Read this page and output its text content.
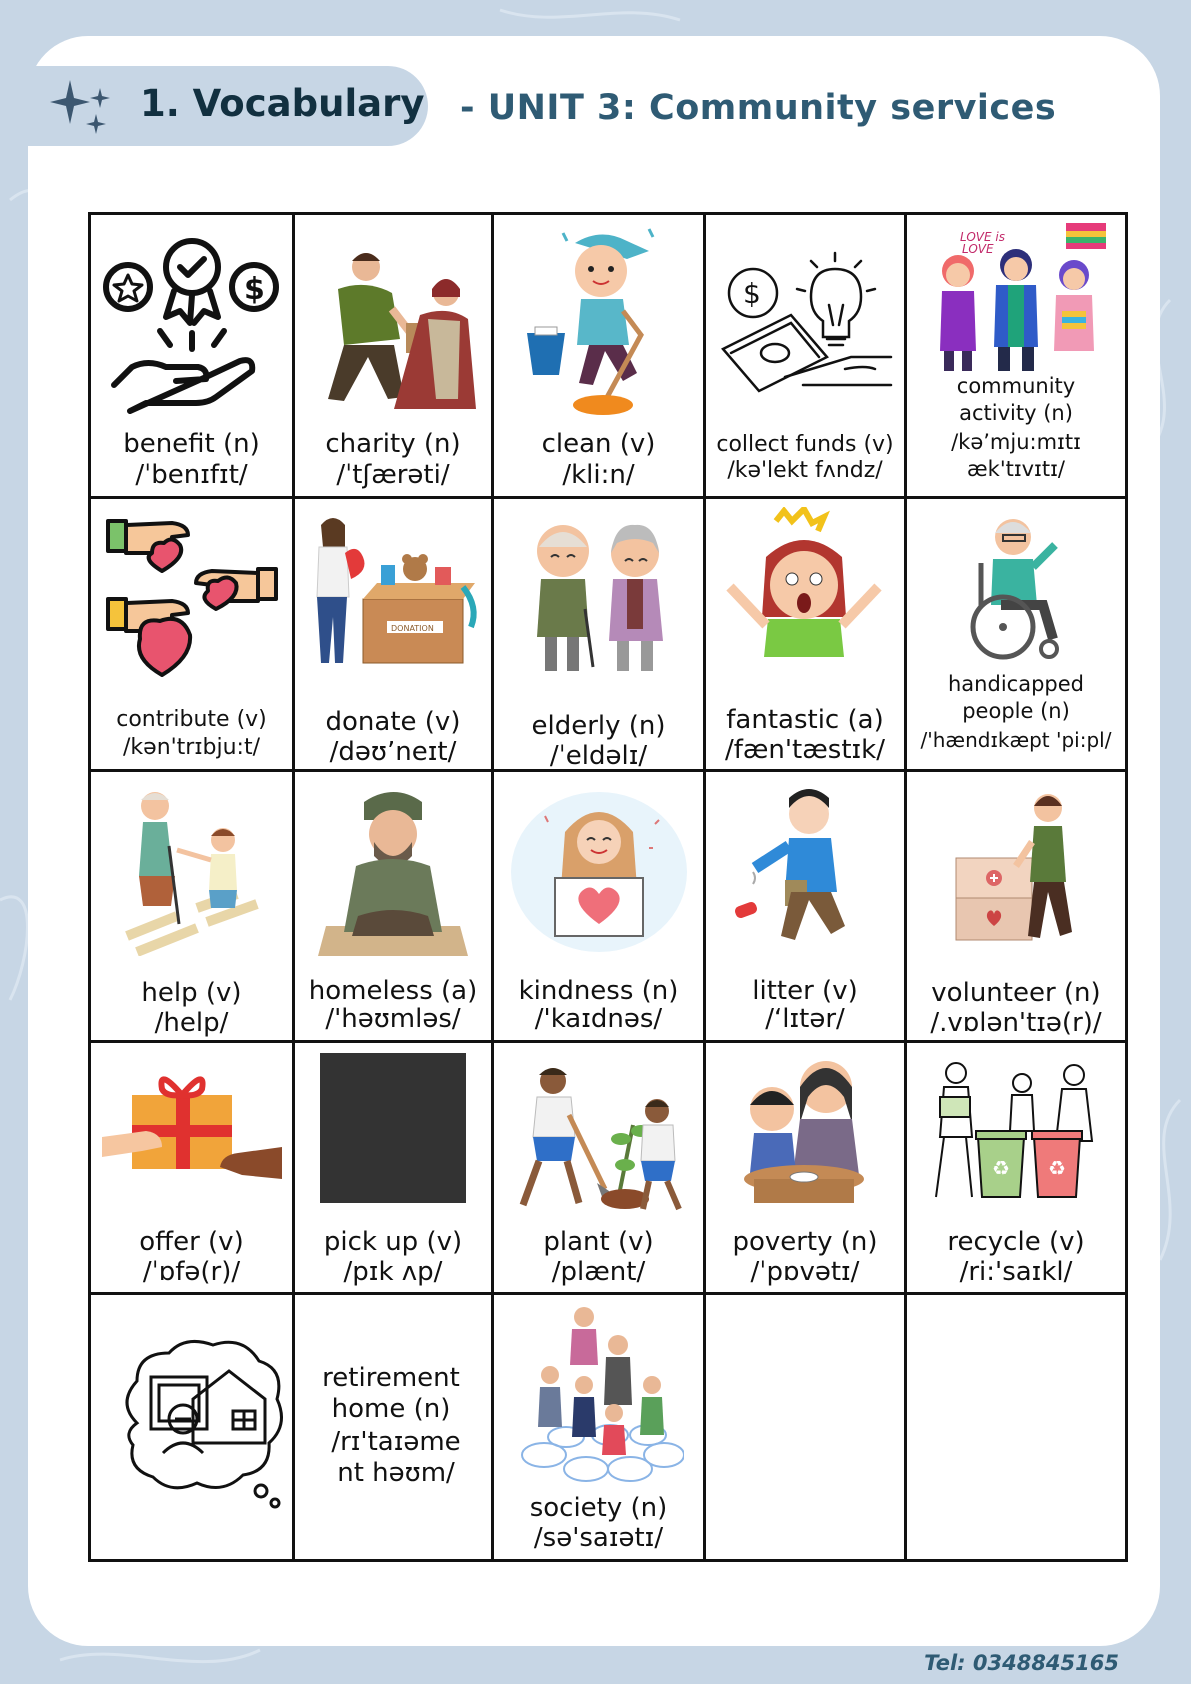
1. Vocabulary - UNIT 3: Community services
$
benefit (n)
/ˈbenɪfɪt/
charity (n)
/ˈtʃærəti/
clean (v)
/kli:n/
$
collect funds (v)
/kə'lekt fʌndz/
LOVE is
LOVE
community activity (n)
/kə’mju:mɪtɪ æk'tɪvɪtɪ/
contribute (v)
/kən'trɪbju:t/
DONATION
donate (v)
/dəʊ’neɪt/
elderly (n)
/ˈeldəlɪ/
fantastic (a)
/fæn'tæstɪk/
handicapped people (n)
/'hændɪkæpt 'pi:pl/
help (v)
/help/
homeless (a)
/'həʊmləs/
kindness (n)
/'kaɪdnəs/
litter (v)
/‘lɪtər/
volunteer (n)
/.vɒlən'tɪə(r)/
offer (v)
/ˈɒfə(r)/
pick up (v)
/pɪk ʌp/
plant (v)
/plænt/
poverty (n)
/ˈpɒvətɪ/
♻ ♻
recycle (v)
/ri:'saɪkl/
retirement home (n)
/rɪ'taɪəme nt həʊm/
society (n)
/sə'saɪətɪ/
Tel: 0348845165
